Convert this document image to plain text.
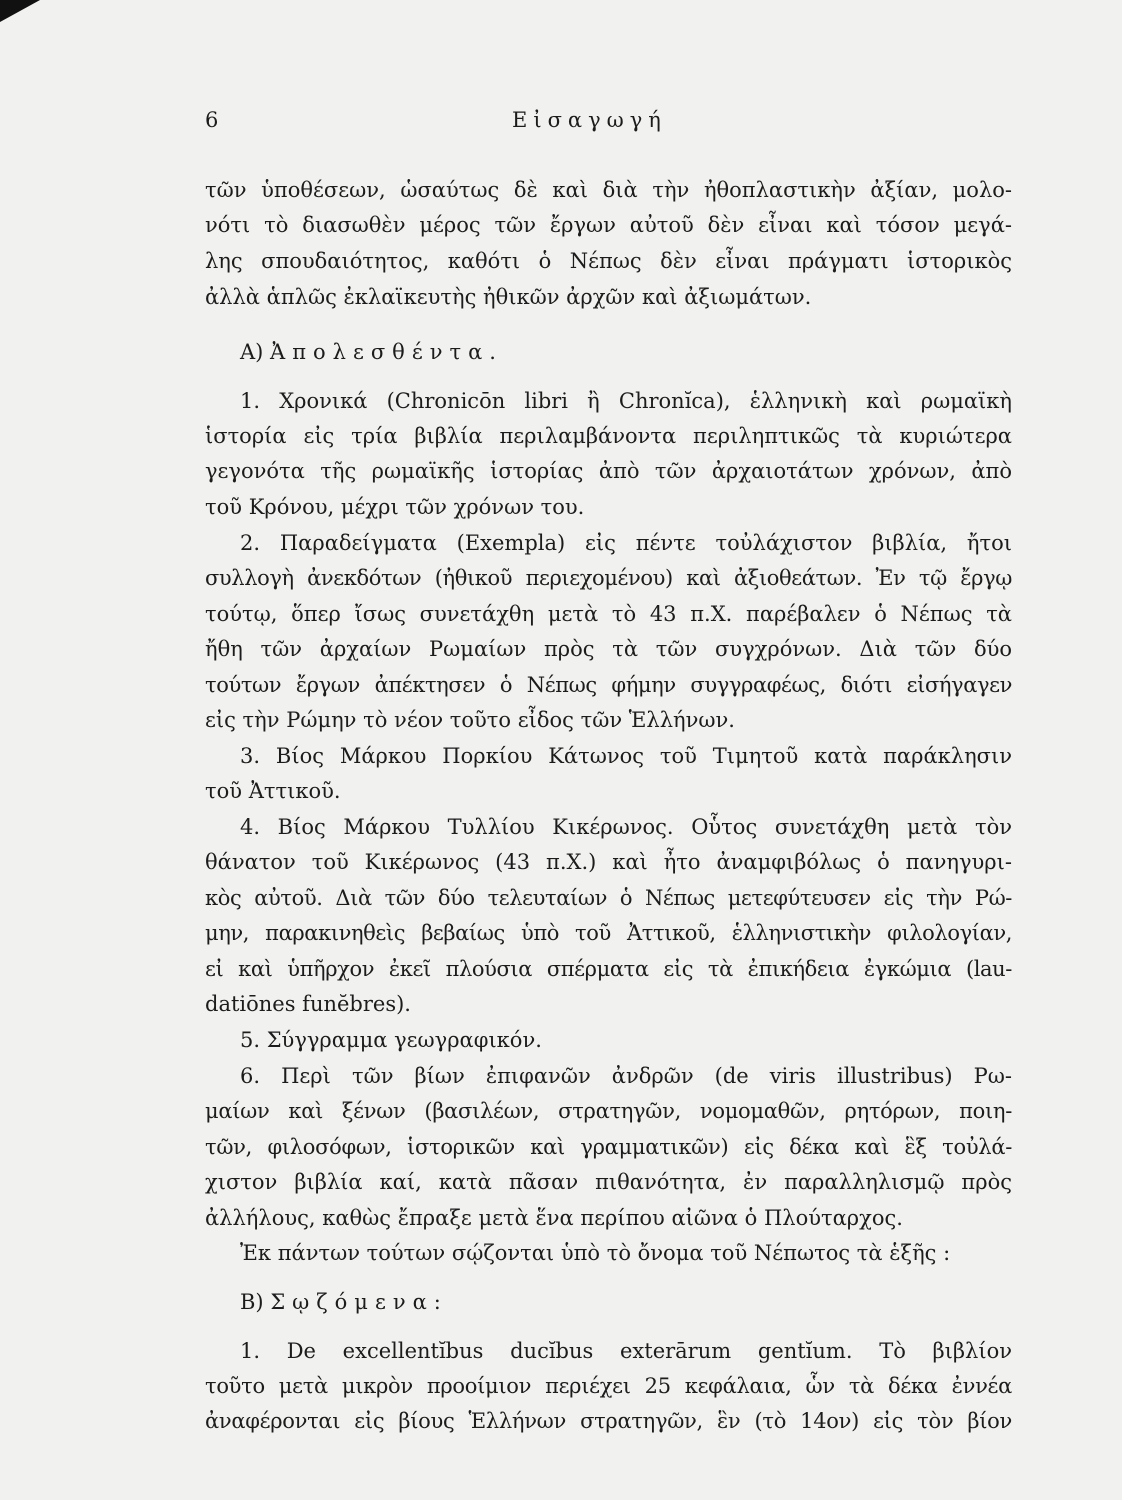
6	Εἰσαγωγή
τῶν ὑποθέσεων, ὡσαύτως δὲ καὶ διὰ τὴν ἠθοπλαστικὴν ἀξίαν, μολο-
νότι τὸ διασωθὲν μέρος τῶν ἔργων αὐτοῦ δὲν εἶναι καὶ τόσον μεγά-
λης σπουδαιότητος, καθότι ὁ Νέπως δὲν εἶναι πράγματι ἱστορικὸς
ἀλλὰ ἁπλῶς ἐκλαϊκευτὴς ἠθικῶν ἀρχῶν καὶ ἀξιωμάτων.
A) Ἀπολεσθέντα.
1. Χρονικά (Chronicōn libri ἢ Chronĭca), ἑλληνικὴ καὶ ρωμαϊκὴ
ἱστορία εἰς τρία βιβλία περιλαμβάνοντα περιληπτικῶς τὰ κυριώτερα
γεγονότα τῆς ρωμαϊκῆς ἱστορίας ἀπὸ τῶν ἀρχαιοτάτων χρόνων, ἀπὸ
τοῦ Κρόνου, μέχρι τῶν χρόνων του.
2. Παραδείγματα (Exempla) εἰς πέντε τοὐλάχιστον βιβλία, ἤτοι
συλλογὴ ἀνεκδότων (ἠθικοῦ περιεχομένου) καὶ ἀξιοθεάτων. Ἐν τῷ ἔργῳ
τούτῳ, ὅπερ ἴσως συνετάχθη μετὰ τὸ 43 π.Χ. παρέβαλεν ὁ Νέπως τὰ
ἤθη τῶν ἀρχαίων Ρωμαίων πρὸς τὰ τῶν συγχρόνων. Διὰ τῶν δύο
τούτων ἔργων ἀπέκτησεν ὁ Νέπως φήμην συγγραφέως, διότι εἰσήγαγεν
εἰς τὴν Ρώμην τὸ νέον τοῦτο εἶδος τῶν Ἑλλήνων.
3. Βίος Μάρκου Πορκίου Κάτωνος τοῦ Τιμητοῦ κατὰ παράκλησιν
τοῦ Ἀττικοῦ.
4. Βίος Μάρκου Τυλλίου Κικέρωνος. Οὗτος συνετάχθη μετὰ τὸν
θάνατον τοῦ Κικέρωνος (43 π.Χ.) καὶ ἦτο ἀναμφιβόλως ὁ πανηγυρι-
κὸς αὐτοῦ. Διὰ τῶν δύο τελευταίων ὁ Νέπως μετεφύτευσεν εἰς τὴν Ρώ-
μην, παρακινηθεὶς βεβαίως ὑπὸ τοῦ Ἀττικοῦ, ἑλληνιστικὴν φιλολογίαν,
εἰ καὶ ὑπῆρχον ἐκεῖ πλούσια σπέρματα εἰς τὰ ἐπικήδεια ἐγκώμια (lau-
datiōnes funĕbres).
5. Σύγγραμμα γεωγραφικόν.
6. Περὶ τῶν βίων ἐπιφανῶν ἀνδρῶν (de viris illustribus) Ρω-
μαίων καὶ ξένων (βασιλέων, στρατηγῶν, νομομαθῶν, ρητόρων, ποιη-
τῶν, φιλοσόφων, ἱστορικῶν καὶ γραμματικῶν) εἰς δέκα καὶ ἓξ τοὐλά-
χιστον βιβλία καί, κατὰ πᾶσαν πιθανότητα, ἐν παραλληλισμῷ πρὸς
ἀλλήλους, καθὼς ἔπραξε μετὰ ἕνα περίπου αἰῶνα ὁ Πλούταρχος.
Ἐκ πάντων τούτων σῴζονται ὑπὸ τὸ ὄνομα τοῦ Νέπωτος τὰ ἑξῆς :
B) Σῳζόμενα:
1. De excellentĭbus ducĭbus exterārum gentĭum. Τὸ βιβλίον
τοῦτο μετὰ μικρὸν προοίμιον περιέχει 25 κεφάλαια, ὧν τὰ δέκα ἐννέα
ἀναφέρονται εἰς βίους Ἑλλήνων στρατηγῶν, ἓν (τὸ 14ον) εἰς τὸν βίον
